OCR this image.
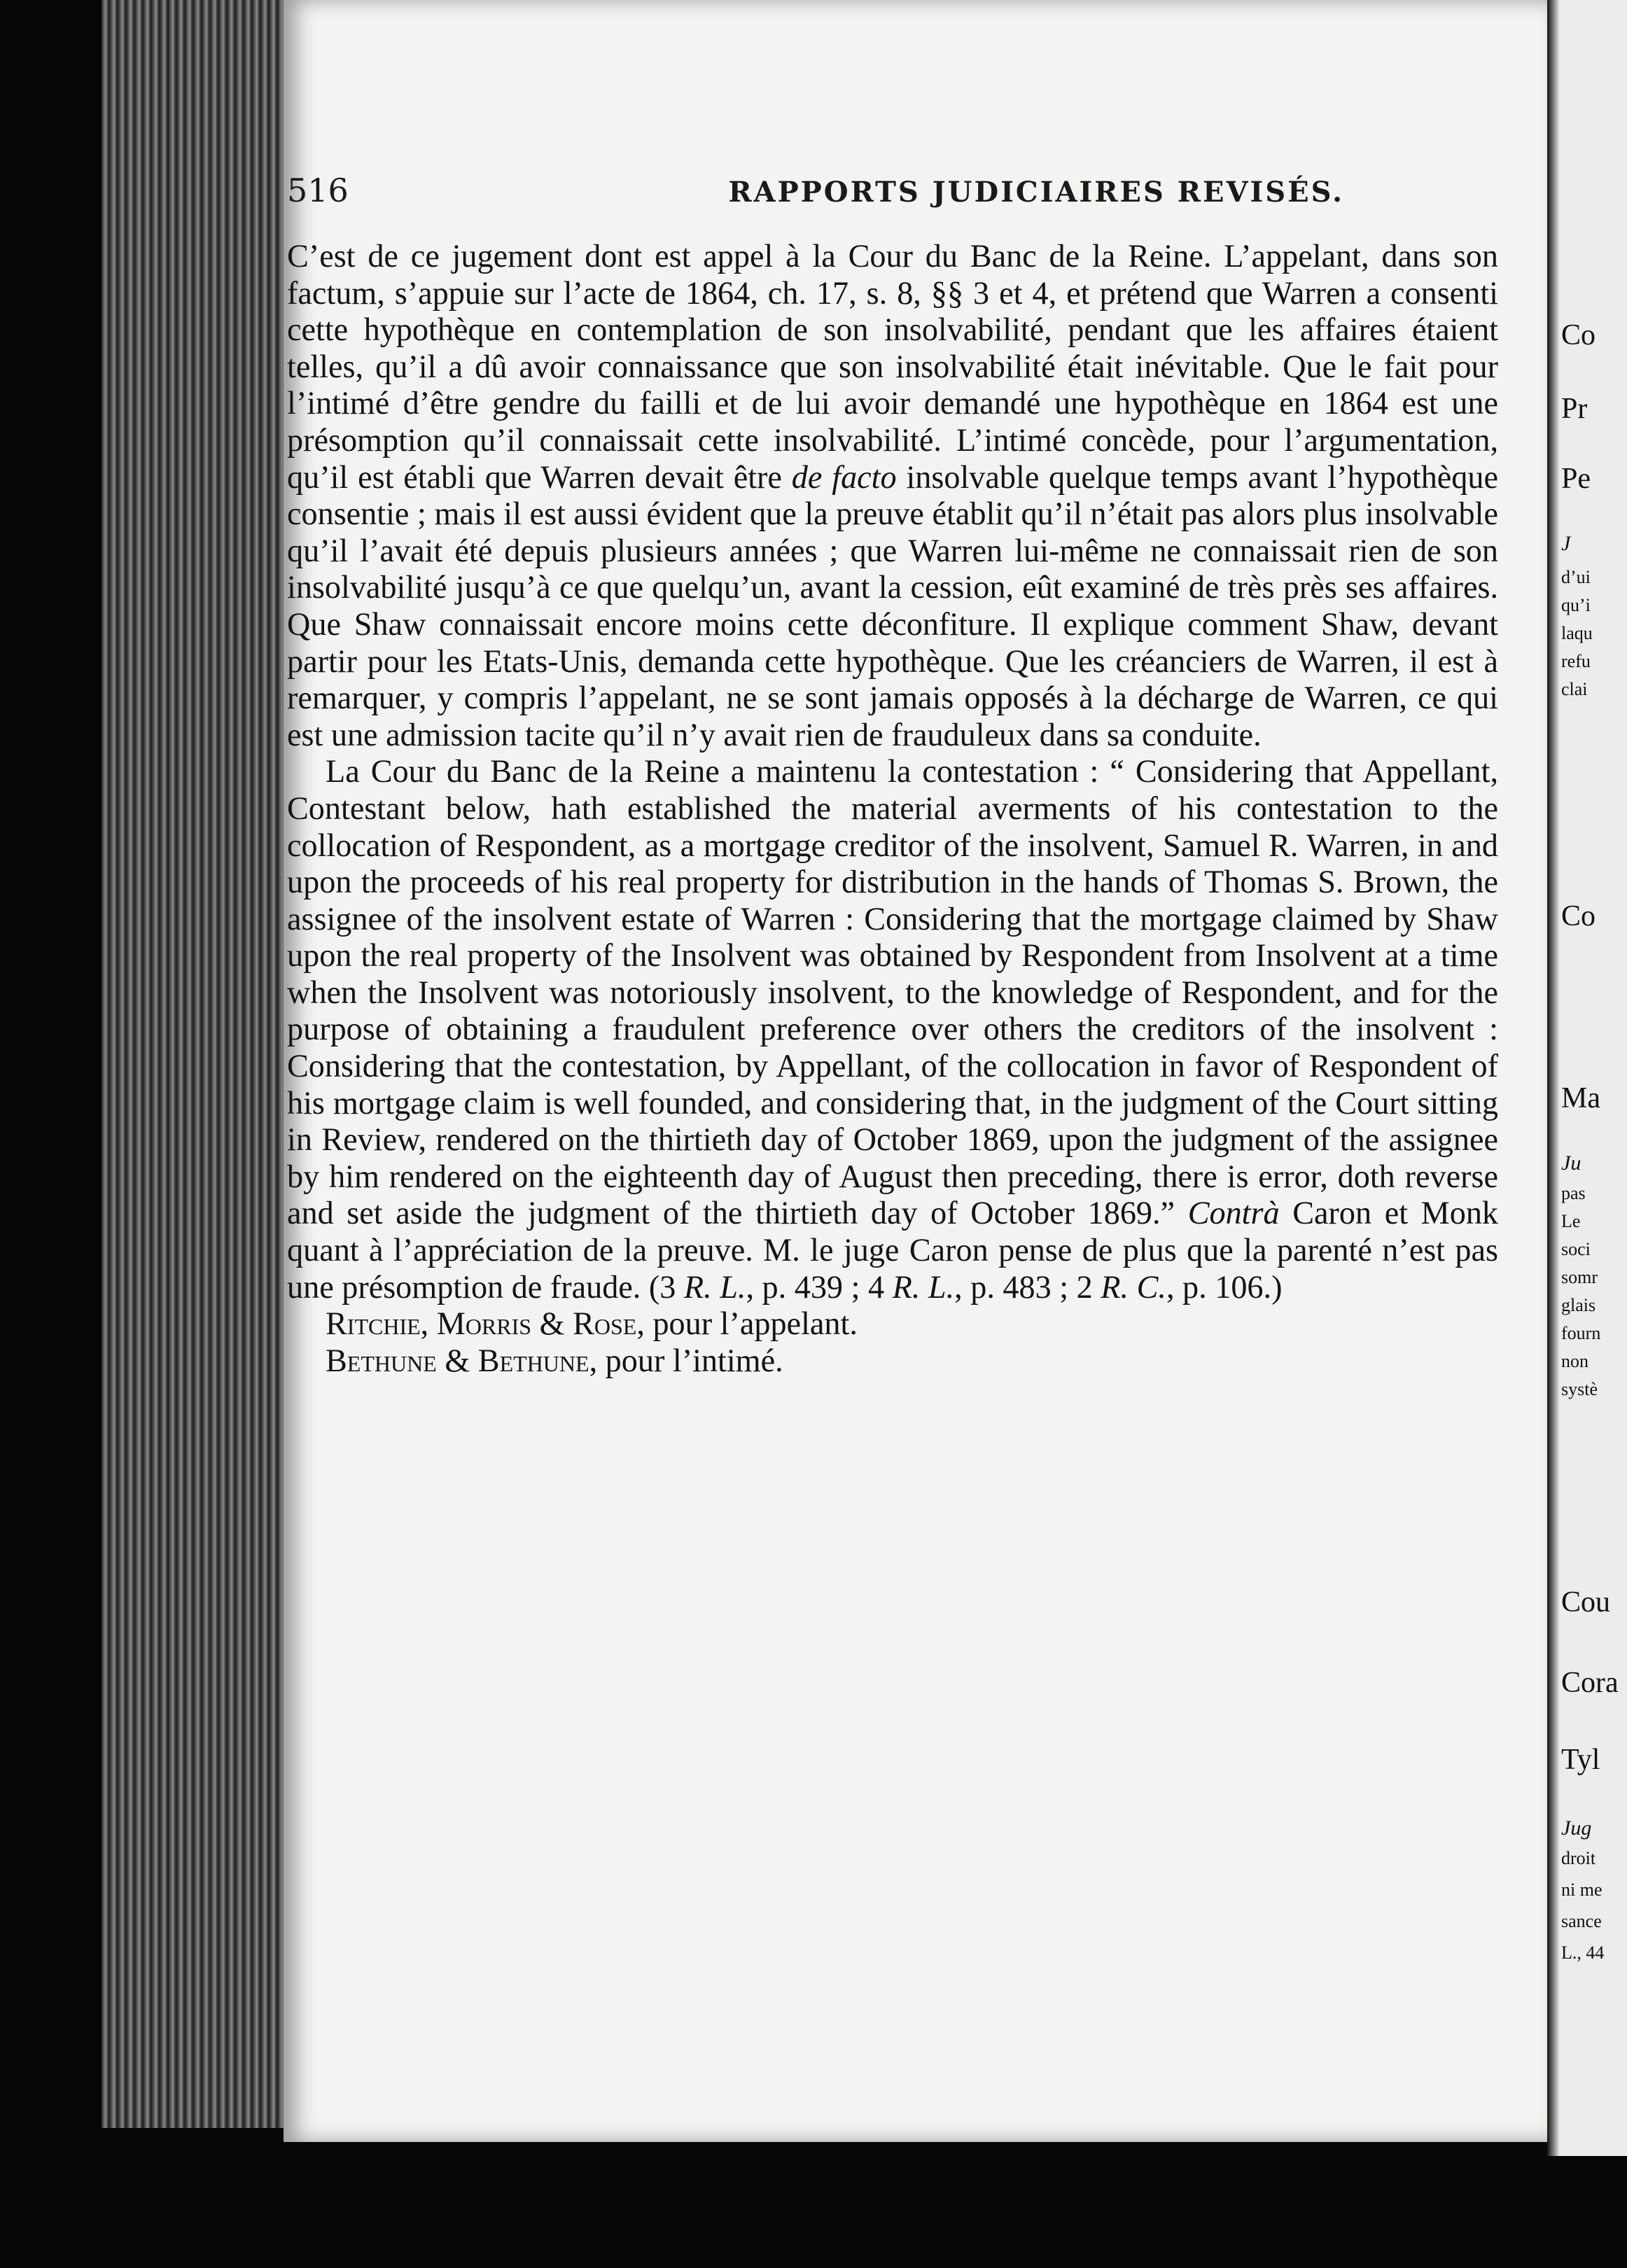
516	RAPPORTS JUDICIAIRES REVISÉS.

C’est de ce jugement dont est appel à la Cour du Banc de la Reine. L’appelant, dans son factum, s’appuie sur l’acte de 1864, ch. 17, s. 8, §§ 3 et 4, et prétend que Warren a consenti cette hypothèque en contemplation de son insolvabilité, pendant que les affaires étaient telles, qu’il a dû avoir connaissance que son insolvabilité était inévitable. Que le fait pour l’intimé d’être gendre du failli et de lui avoir demandé une hypothèque en 1864 est une présomption qu’il connaissait cette insolvabilité. L’intimé concède, pour l’argumentation, qu’il est établi que Warren devait être de facto insolvable quelque temps avant l’hypothèque consentie ; mais il est aussi évident que la preuve établit qu’il n’était pas alors plus insolvable qu’il l’avait été depuis plusieurs années ; que Warren lui-même ne connaissait rien de son insolvabilité jusqu’à ce que quelqu’un, avant la cession, eût examiné de très près ses affaires. Que Shaw connaissait encore moins cette déconfiture. Il explique comment Shaw, devant partir pour les Etats-Unis, demanda cette hypothèque. Que les créanciers de Warren, il est à remarquer, y compris l’appelant, ne se sont jamais opposés à la décharge de Warren, ce qui est une admission tacite qu’il n’y avait rien de frauduleux dans sa conduite.

La Cour du Banc de la Reine a maintenu la contestation : “ Considering that Appellant, Contestant below, hath established the material averments of his contestation to the collocation of Respondent, as a mortgage creditor of the insolvent, Samuel R. Warren, in and upon the proceeds of his real property for distribution in the hands of Thomas S. Brown, the assignee of the insolvent estate of Warren : Considering that the mortgage claimed by Shaw upon the real property of the Insolvent was obtained by Respondent from Insolvent at a time when the Insolvent was notoriously insolvent, to the knowledge of Respondent, and for the purpose of obtaining a fraudulent preference over others the creditors of the insolvent : Considering that the contestation, by Appellant, of the collocation in favor of Respondent of his mortgage claim is well founded, and considering that, in the judgment of the Court sitting in Review, rendered on the thirtieth day of October 1869, upon the judgment of the assignee by him rendered on the eighteenth day of August then preceding, there is error, doth reverse and set aside the judgment of the thirtieth day of October 1869.” Contrà Caron et Monk quant à l’appréciation de la preuve. M. le juge Caron pense de plus que la parenté n’est pas une présomption de fraude. (3 R. L., p. 439 ; 4 R. L., p. 483 ; 2 R. C., p. 106.)

Ritchie, Morris & Rose, pour l’appelant.

Bethune & Bethune, pour l’intimé.

Co
Pr
Pe
J
d’ui
qu’i
laqu
refu
clai
Co
Ma
Ju
pas
Le
soci
somr
glais
fourn
non
systè
Cou
Cora
Tyl
Jug
droit
ni me
sance
L., 44
